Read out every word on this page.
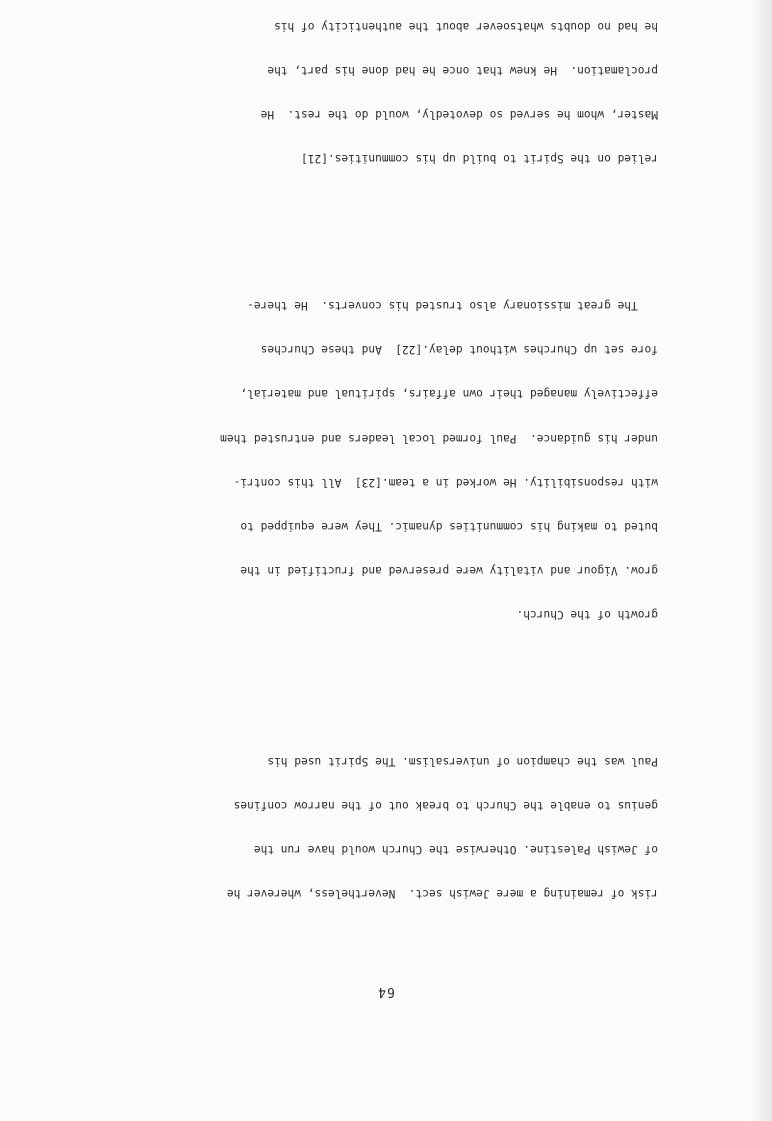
64

risk of remaining a mere Jewish sect.  Nevertheless, wherever he

of Jewish Palestine. Otherwise the Church would have run the

genius to enable the Church to break out of the narrow confines

Paul was the champion of universalism. The Spirit used his

growth of the Church.

grow. Vigour and vitality were preserved and fructified in the

buted to making his communities dynamic. They were equipped to

with responsibility. He worked in a team.[23]  All this contri-

under his guidance.  Paul formed local leaders and entrusted them

effectively managed their own affairs, spiritual and material,

fore set up Churches without delay.[22]  And these Churches

The great missionary also trusted his converts.  He there-

relied on the Spirit to build up his communities.[21]

Master, whom he served so devotedly, would do the rest.  He

proclamation.  He knew that once he had done his part, the

he had no doubts whatsoever about the authenticity of his
